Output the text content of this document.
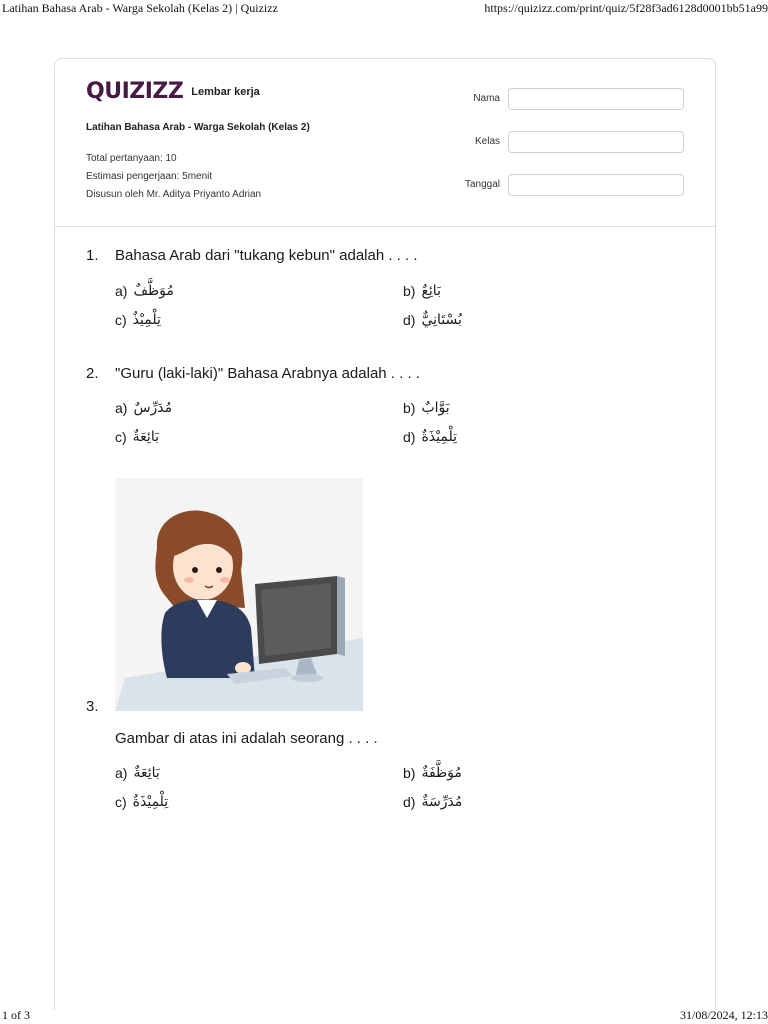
Latihan Bahasa Arab - Warga Sekolah (Kelas 2) | Quizizz	https://quizizz.com/print/quiz/5f28f3ad6128d0001bb51a99
QUIZIZZ Lembar kerja
Latihan Bahasa Arab - Warga Sekolah (Kelas 2)
Total pertanyaan: 10
Estimasi pengerjaan: 5menit
Disusun oleh Mr. Aditya Priyanto Adrian
Nama
Kelas
Tanggal
1. Bahasa Arab dari "tukang kebun" adalah . . . .
a) مُوَظَّفٌ	b) بَائِعٌ
c) تِلْمِيْذٌ	d) بُسْتَانِيٌّ
2. "Guru (laki-laki)" Bahasa Arabnya adalah . . . .
a) مُدَرِّسٌ	b) بَوَّابٌ
c) بَائِعَةٌ	d) تِلْمِيْذَةٌ
3.
Gambar di atas ini adalah seorang . . . .
a) بَائِعَةٌ	b) مُوَظَّفَةٌ
c) تِلْمِيْذَةٌ	d) مُدَرِّسَةٌ
1 of 3	31/08/2024, 12:13
